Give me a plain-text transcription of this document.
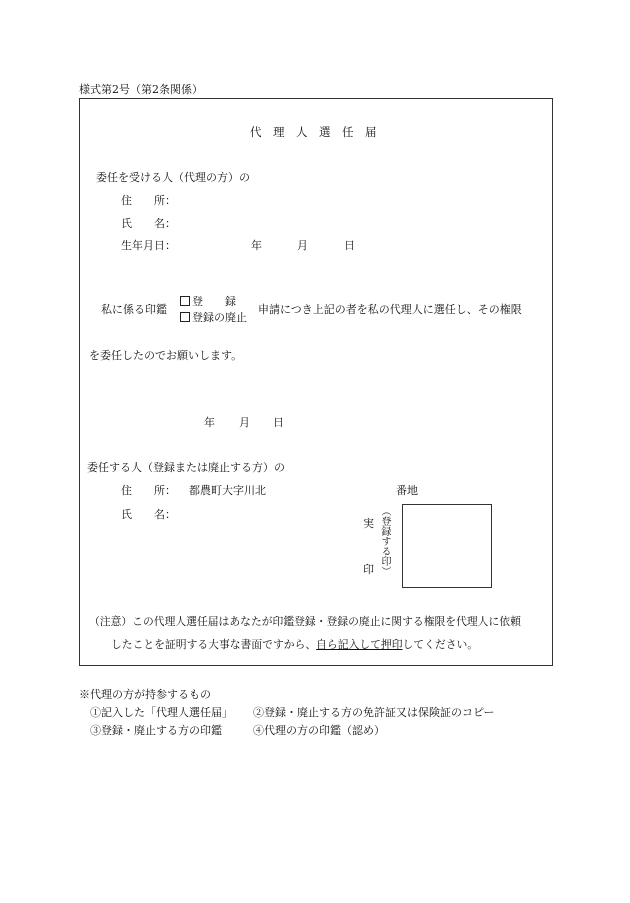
様式第2号（第2条関係）
代　理　人　選　任　届
委任を受ける人（代理の方）の
住　　所：
氏　　名：
生年月日：	年	月	日
私に係る印鑑
登　　録
登録の廃止
申請につき上記の者を私の代理人に選任し、その権限
を委任したのでお願いします。
年 月 日
委任する人（登録または廃止する方）の
住　　所： 都農町大字川北	番地
氏　　名：
実
印 （登録する印）
（注意）この代理人選任届はあなたが印鑑登録・登録の廃止に関する権限を代理人に依頼
したことを証明する大事な書面ですから、自ら記入して押印してください。
※代理の方が持参するもの
①記入した「代理人選任届」 ②登録・廃止する方の免許証又は保険証のコピー
③登録・廃止する方の印鑑	④代理の方の印鑑（認め）
